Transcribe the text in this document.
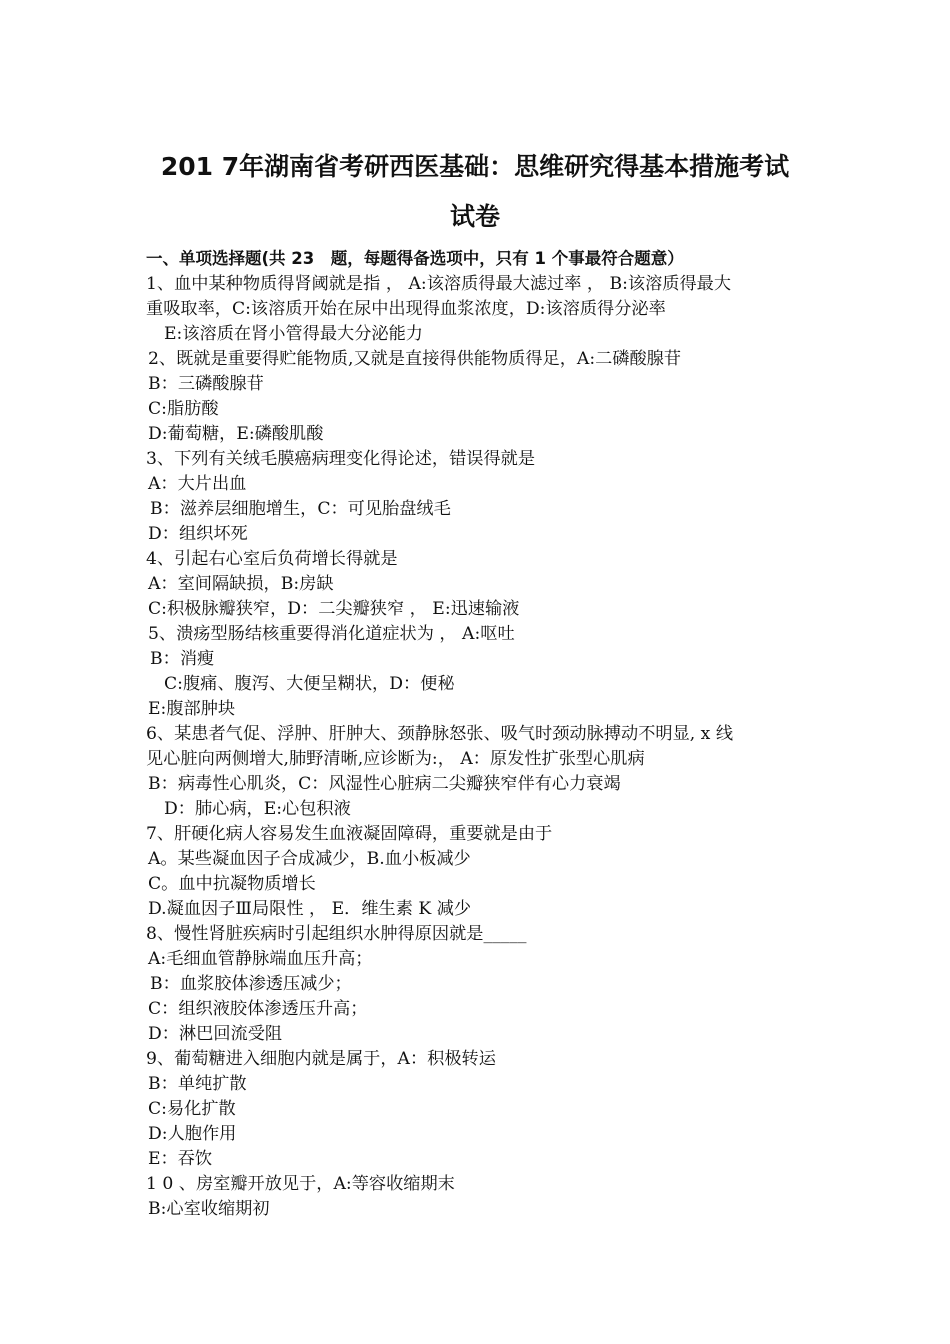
201 7年湖南省考研西医基础：思维研究得基本措施考试
试卷
一、单项选择题(共 23　题，每题得备选项中，只有 1 个事最符合题意）
1、血中某种物质得肾阈就是指 ， A:该溶质得最大滤过率 ， B:该溶质得最大
重吸取率，C:该溶质开始在尿中出现得血浆浓度，D:该溶质得分泌率
E:该溶质在肾小管得最大分泌能力
2、既就是重要得贮能物质,又就是直接得供能物质得足，A:二磷酸腺苷
B：三磷酸腺苷
C:脂肪酸
D:葡萄糖，E:磷酸肌酸
3、下列有关绒毛膜癌病理变化得论述，错误得就是
A：大片出血
B：滋养层细胞增生，C：可见胎盘绒毛
D：组织坏死
4、引起右心室后负荷增长得就是
A：室间隔缺损，B:房缺
C:积极脉瓣狭窄，D：二尖瓣狭窄 ， E:迅速输液
5、溃疡型肠结核重要得消化道症状为 ， A:呕吐
B：消瘦
C:腹痛、腹泻、大便呈糊状，D：便秘
E:腹部肿块
6、某患者气促、浮肿、肝肿大、颈静脉怒张、吸气时颈动脉搏动不明显, x 线
见心脏向两侧增大,肺野清晰,应诊断为:， A：原发性扩张型心肌病
B：病毒性心肌炎，C：风湿性心脏病二尖瓣狭窄伴有心力衰竭
D：肺心病，E:心包积液
7、肝硬化病人容易发生血液凝固障碍，重要就是由于
A。某些凝血因子合成减少，B.血小板减少
C。血中抗凝物质增长
D.凝血因子Ⅲ局限性 ， E．维生素 K 减少
8、慢性肾脏疾病时引起组织水肿得原因就是_____
A:毛细血管静脉端血压升高；
B：血浆胶体渗透压减少；
C：组织液胶体渗透压升高；
D：淋巴回流受阻
9、葡萄糖进入细胞内就是属于，A：积极转运
B：单纯扩散
C:易化扩散
D:人胞作用
E：吞饮
1 0 、房室瓣开放见于，A:等容收缩期末
B:心室收缩期初
